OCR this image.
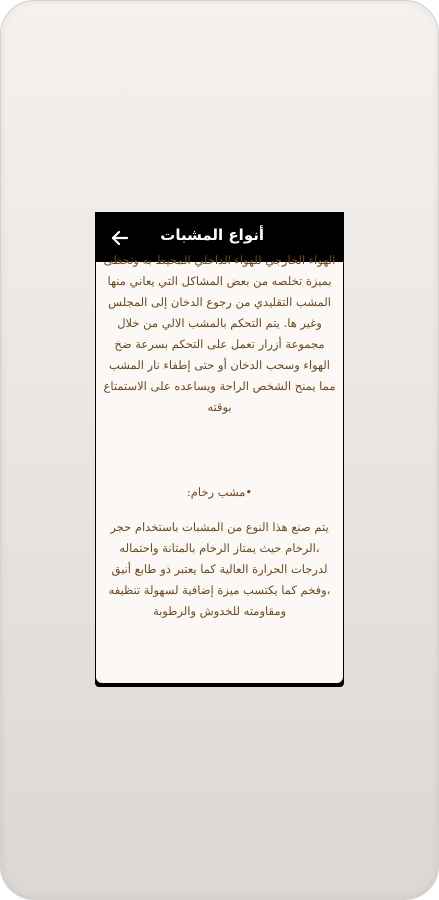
أنواع المشبات

الهواء الخارجي للهواء الداخلي المحيط به وتحظى بميزة تخلصه من بعض المشاكل التي يعاني منها المشب التقليدي من رجوع الدخان إلى المجلس وغير ها. يتم التحكم بالمشب الالي من خلال مجموعة أزرار تعمل على التحكم بسرعة ضخ الهواء وسحب الدخان أو حتى إطفاء نار المشب مما يمنح الشخص الراحة ويساعده على الاستمتاع بوقته

•مشب رخام:

يتم صنع هذا النوع من المشبات باستخدام حجر ،الرخام حيث يمتاز الرخام بالمتانة واحتماله لدرجات الحرارة العالية كما يعتبر ذو طابع أنيق ،وفخم كما يكتسب ميزة إضافية لسهولة تنظيفه ومقاومته للخدوش والرطوبة
